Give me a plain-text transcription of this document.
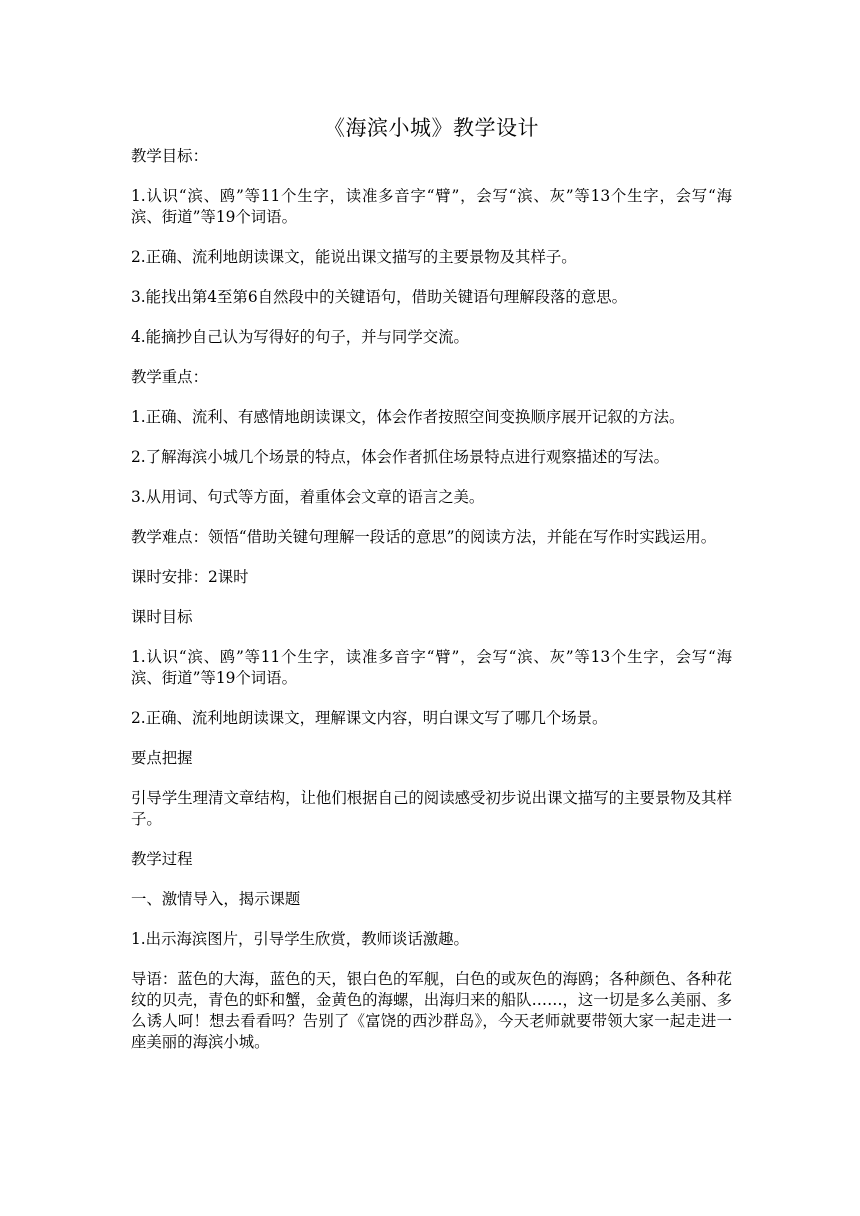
《海滨小城》教学设计

教学目标：

1.认识“滨、鸥”等11个生字，读准多音字“臂”，会写“滨、灰”等13个生字，会写“海滨、街道”等19个词语。

2.正确、流利地朗读课文，能说出课文描写的主要景物及其样子。

3.能找出第4至第6自然段中的关键语句，借助关键语句理解段落的意思。

4.能摘抄自己认为写得好的句子，并与同学交流。

教学重点：

1.正确、流利、有感情地朗读课文，体会作者按照空间变换顺序展开记叙的方法。

2.了解海滨小城几个场景的特点，体会作者抓住场景特点进行观察描述的写法。

3.从用词、句式等方面，着重体会文章的语言之美。

教学难点：领悟“借助关键句理解一段话的意思”的阅读方法，并能在写作时实践运用。

课时安排：2课时

课时目标

1.认识“滨、鸥”等11个生字，读准多音字“臂”，会写“滨、灰”等13个生字，会写“海滨、街道”等19个词语。

2.正确、流利地朗读课文，理解课文内容，明白课文写了哪几个场景。

要点把握

引导学生理清文章结构，让他们根据自己的阅读感受初步说出课文描写的主要景物及其样子。

教学过程

一、激情导入，揭示课题

1.出示海滨图片，引导学生欣赏，教师谈话激趣。

导语：蓝色的大海，蓝色的天，银白色的军舰，白色的或灰色的海鸥；各种颜色、各种花纹的贝壳，青色的虾和蟹，金黄色的海螺，出海归来的船队……，这一切是多么美丽、多么诱人呵！想去看看吗？告别了《富饶的西沙群岛》，今天老师就要带领大家一起走进一座美丽的海滨小城。
